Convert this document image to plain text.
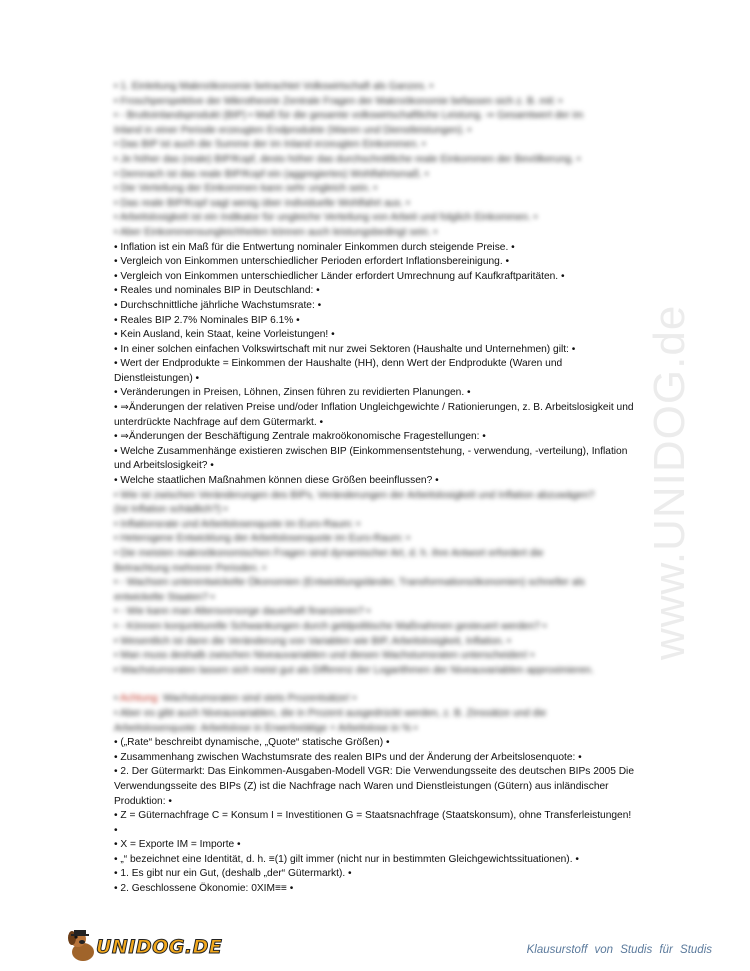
• 1. Einleitung Makroökonomie betrachtet Volkswirtschaft als Ganzes. •
• Froschperspektive der Mikrotheorie Zentrale Fragen der Makroökonomie befassen sich z. B. mit: •
• - Bruttoinlandsprodukt (BIP) • Maß für die gesamte volkswirtschaftliche Leistung. ⇒ Gesamtwert der im
Inland in einer Periode erzeugten Endprodukte (Waren und Dienstleistungen). •
• Das BIP ist auch die Summe der im Inland erzeugten Einkommen. •
• Je höher das (reale) BIP/Kopf, desto höher das durchschnittliche reale Einkommen der Bevölkerung. •
• Demnach ist das reale BIP/Kopf ein (aggregiertes) Wohlfahrtsmaß. •
• Die Verteilung der Einkommen kann sehr ungleich sein. •
• Das reale BIP/Kopf sagt wenig über individuelle Wohlfahrt aus. •
• Arbeitslosigkeit ist ein Indikator für ungleiche Verteilung von Arbeit und folglich Einkommen. •
• Aber Einkommensungleichheiten können auch leistungsbedingt sein. •
• Inflation ist ein Maß für die Entwertung nominaler Einkommen durch steigende Preise. •
• Vergleich von Einkommen unterschiedlicher Perioden erfordert Inflationsbereinigung. •
• Vergleich von Einkommen unterschiedlicher Länder erfordert Umrechnung auf Kaufkraftparitäten. •
• Reales und nominales BIP in Deutschland: •
• Durchschnittliche jährliche Wachstumsrate: •
• Reales BIP 2.7% Nominales BIP 6.1% •
• Kein Ausland, kein Staat, keine Vorleistungen! •
• In einer solchen einfachen Volkswirtschaft mit nur zwei Sektoren (Haushalte und Unternehmen) gilt: •
• Wert der Endprodukte = Einkommen der Haushalte (HH), denn Wert der Endprodukte (Waren und Dienstleistungen) •
• Veränderungen in Preisen, Löhnen, Zinsen führen zu revidierten Planungen. •
• ⇒Änderungen der relativen Preise und/oder Inflation Ungleichgewichte / Rationierungen, z. B. Arbeitslosigkeit und unterdrückte Nachfrage auf dem Gütermarkt. •
• ⇒Änderungen der Beschäftigung Zentrale makroökonomische Fragestellungen: •
• Welche Zusammenhänge existieren zwischen BIP (Einkommensentstehung, - verwendung, -verteilung), Inflation und Arbeitslosigkeit? •
• Welche staatlichen Maßnahmen können diese Größen beeinflussen? •
• Wie ist zwischen Veränderungen des BIPs, Veränderungen der Arbeitslosigkeit und Inflation abzuwägen?
(Ist Inflation schädlich?) •
• Inflationsrate und Arbeitslosenquote im Euro-Raum: •
• Heterogene Entwicklung der Arbeitslosenquote im Euro-Raum: •
• Die meisten makroökonomischen Fragen sind dynamischer Art, d. h. ihre Antwort erfordert die
Betrachtung mehrerer Perioden. •
• - Wachsen unterentwickelte Ökonomien (Entwicklungsländer, Transformationsökonomien) schneller als
entwickelte Staaten? •
• - Wie kann man Altersvorsorge dauerhaft finanzieren? •
• - Können konjunkturelle Schwankungen durch geldpolitische Maßnahmen gesteuert werden? •
• Wesentlich ist dann die Veränderung von Variablen wie BIP, Arbeitslosigkeit, Inflation. •
• Man muss deshalb zwischen Niveauvariablen und diesen Wachstumsraten unterscheiden! •
• Wachstumsraten lassen sich meist gut als Differenz der Logarithmen der Niveauvariablen approximieren.
• Achtung: Wachstumsraten sind stets Prozentsätze! •
• Aber es gibt auch Niveauvariablen, die in Prozent ausgedrückt werden, z. B. Zinssätze und die
Arbeitslosenquote: Arbeitslose in Erwerbstätige + Arbeitslose in % •
• („Rate“ beschreibt dynamische, „Quote“ statische Größen) •
• Zusammenhang zwischen Wachstumsrate des realen BIPs und der Änderung der Arbeitslosenquote: •
• 2. Der Gütermarkt: Das Einkommen-Ausgaben-Modell VGR: Die Verwendungsseite des deutschen BIPs 2005 Die Verwendungsseite des BIPs (Z) ist die Nachfrage nach Waren und Dienstleistungen (Gütern) aus inländischer Produktion: •
• Z = Güternachfrage C = Konsum I = Investitionen G = Staatsnachfrage (Staatskonsum), ohne Transferleistungen! •
• X = Exporte IM = Importe •
• „“ bezeichnet eine Identität, d. h. ≡(1) gilt immer (nicht nur in bestimmten Gleichgewichtssituationen). •
• 1. Es gibt nur ein Gut, (deshalb „der“ Gütermarkt). •
• 2. Geschlossene Ökonomie: 0XIM≡≡ •
www.UNIDOG.de
UNIDOG.DE	Klausurstoff von Studis für Studis
